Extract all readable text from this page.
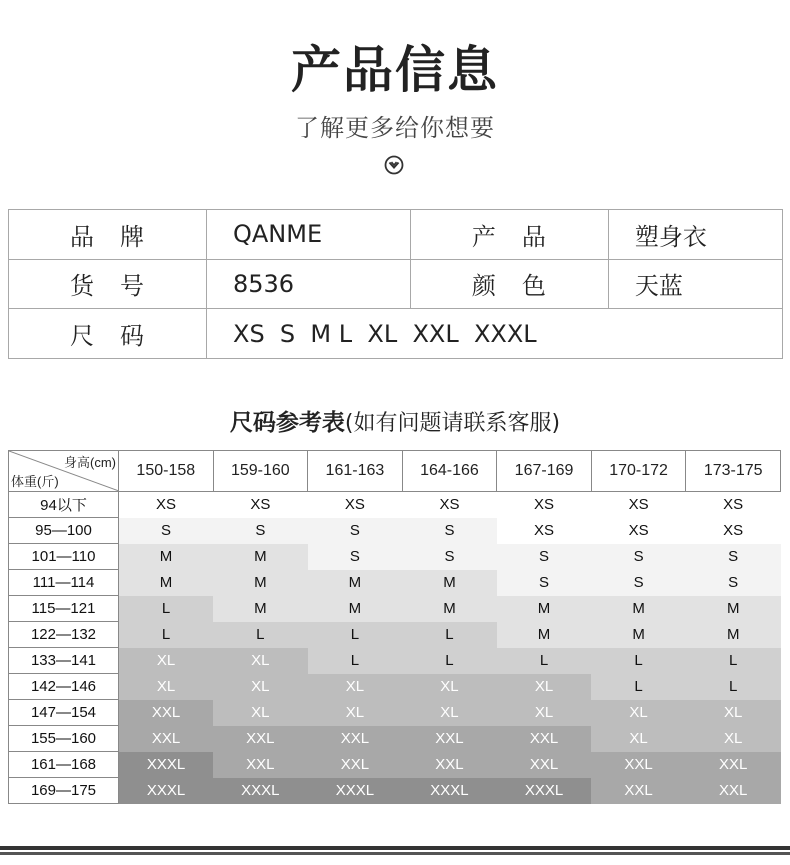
产品信息
了解更多给你想要
品牌	QANME	产品	塑身衣
货号	8536	颜色	天蓝
尺码	XS  S  M L  XL  XXL  XXXL		
尺码参考表(如有问题请联系客服)
身高(cm)
体重(斤)	150-158	159-160	161-163	164-166	167-169	170-172	173-175
94以下	XS	XS	XS	XS	XS	XS	XS
95—100	S	S	S	S	XS	XS	XS
101—110	M	M	S	S	S	S	S
111—114	M	M	M	M	S	S	S
115—121	L	M	M	M	M	M	M
122—132	L	L	L	L	M	M	M
133—141	XL	XL	L	L	L	L	L
142—146	XL	XL	XL	XL	XL	L	L
147—154	XXL	XL	XL	XL	XL	XL	XL
155—160	XXL	XXL	XXL	XXL	XXL	XL	XL
161—168	XXXL	XXL	XXL	XXL	XXL	XXL	XXL
169—175	XXXL	XXXL	XXXL	XXXL	XXXL	XXL	XXL
